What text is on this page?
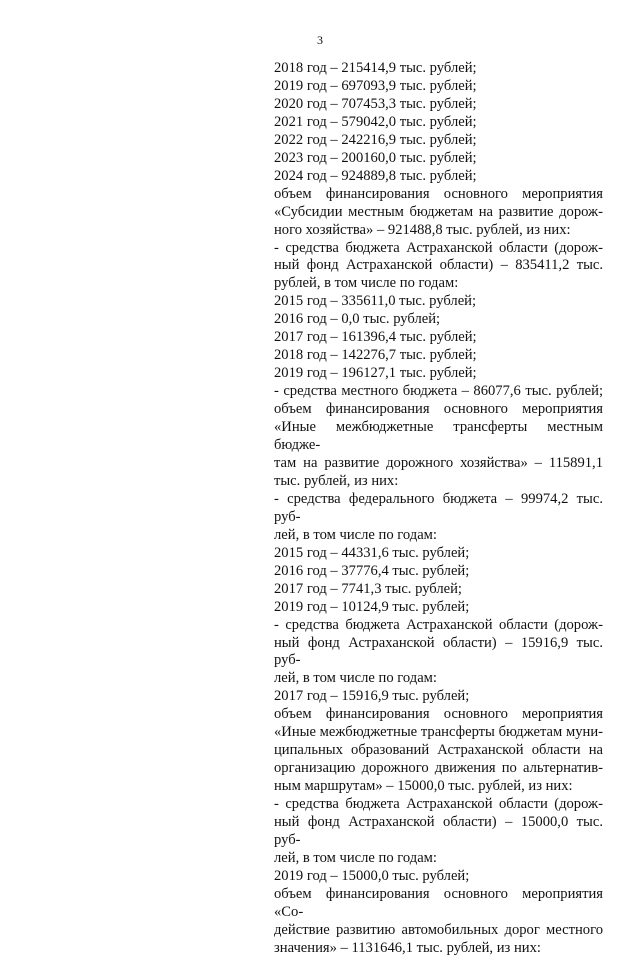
3
2018 год – 215414,9 тыс. рублей;
2019 год – 697093,9 тыс. рублей;
2020 год – 707453,3 тыс. рублей;
2021 год – 579042,0 тыс. рублей;
2022 год – 242216,9 тыс. рублей;
2023 год – 200160,0 тыс. рублей;
2024 год – 924889,8 тыс. рублей;
объем финансирования основного мероприятия
«Субсидии местным бюджетам на развитие дорож-
ного хозяйства» – 921488,8 тыс. рублей, из них:
- средства бюджета Астраханской области (дорож-
ный фонд Астраханской области) – 835411,2 тыс.
рублей, в том числе по годам:
2015 год – 335611,0 тыс. рублей;
2016 год – 0,0 тыс. рублей;
2017 год – 161396,4 тыс. рублей;
2018 год – 142276,7 тыс. рублей;
2019 год – 196127,1 тыс. рублей;
- средства местного бюджета – 86077,6 тыс. рублей;
объем финансирования основного мероприятия
«Иные межбюджетные трансферты местным бюдже-
там на развитие дорожного хозяйства» – 115891,1
тыс. рублей, из них:
- средства федерального бюджета – 99974,2 тыс. руб-
лей, в том числе по годам:
2015 год – 44331,6 тыс. рублей;
2016 год – 37776,4 тыс. рублей;
2017 год – 7741,3 тыс. рублей;
2019 год – 10124,9 тыс. рублей;
- средства бюджета Астраханской области (дорож-
ный фонд Астраханской области) – 15916,9 тыс. руб-
лей, в том числе по годам:
2017 год – 15916,9 тыс. рублей;
объем финансирования основного мероприятия
«Иные межбюджетные трансферты бюджетам муни-
ципальных образований Астраханской области на
организацию дорожного движения по альтернатив-
ным маршрутам» – 15000,0 тыс. рублей, из них:
- средства бюджета Астраханской области (дорож-
ный фонд Астраханской области) – 15000,0 тыс. руб-
лей, в том числе по годам:
2019 год – 15000,0 тыс. рублей;
объем финансирования основного мероприятия «Со-
действие развитию автомобильных дорог местного
значения» – 1131646,1 тыс. рублей, из них:
